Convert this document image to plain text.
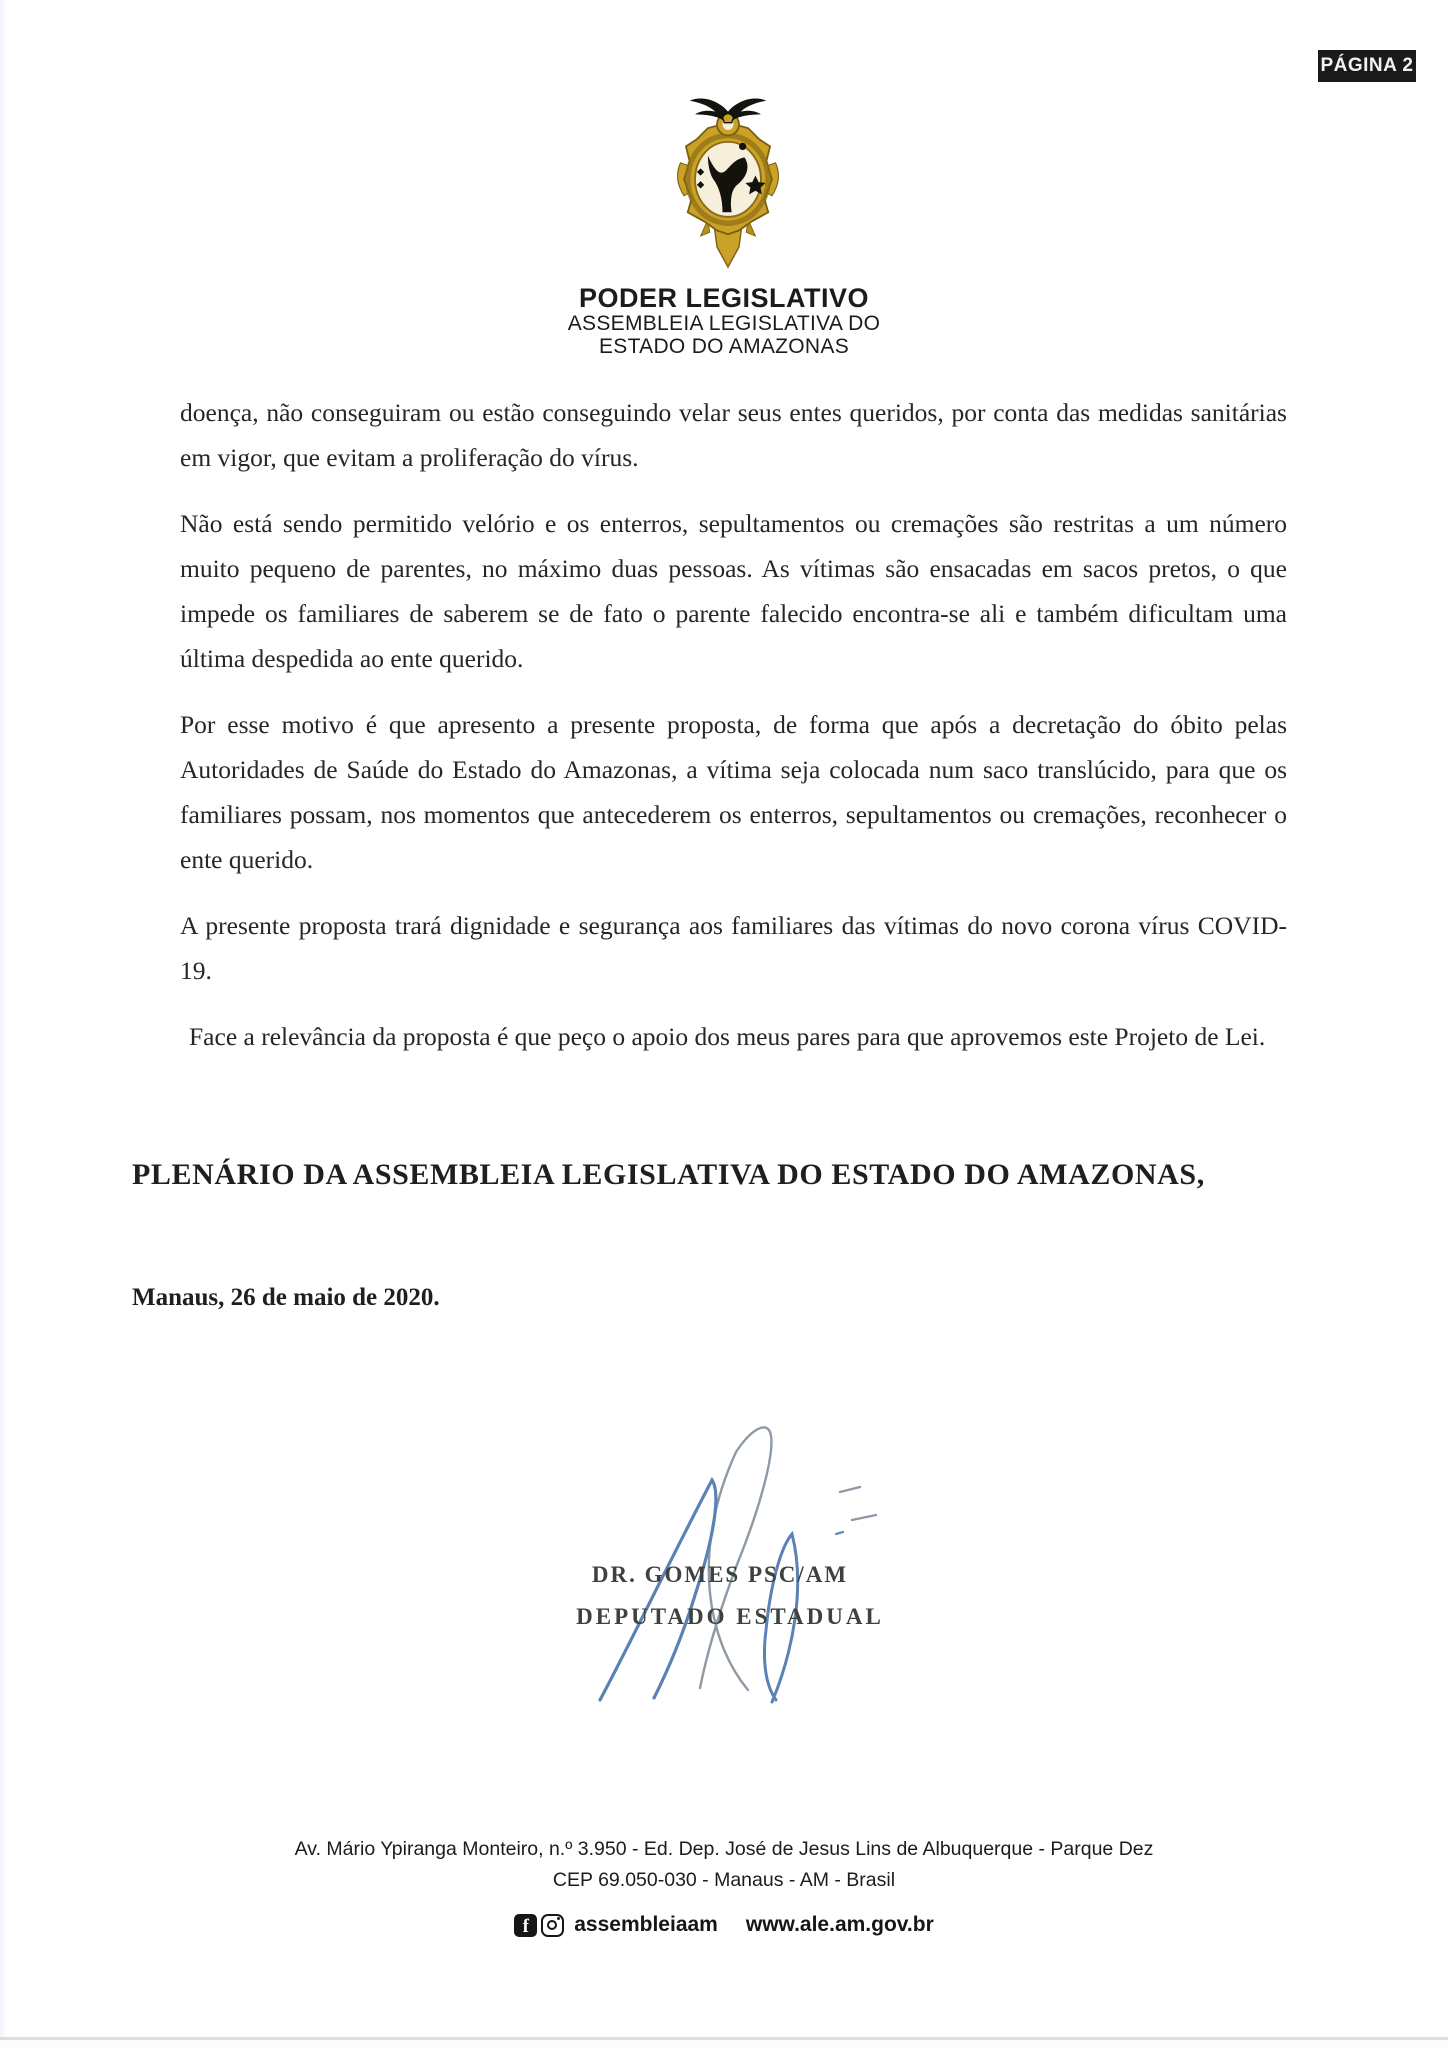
PÁGINA 2
PODER LEGISLATIVO
ASSEMBLEIA LEGISLATIVA DO
ESTADO DO AMAZONAS

doença, não conseguiram ou estão conseguindo velar seus entes queridos, por conta das medidas sanitárias em vigor, que evitam a proliferação do vírus.

Não está sendo permitido velório e os enterros, sepultamentos ou cremações são restritas a um número muito pequeno de parentes, no máximo duas pessoas. As vítimas são ensacadas em sacos pretos, o que impede os familiares de saberem se de fato o parente falecido encontra-se ali e também dificultam uma última despedida ao ente querido.

Por esse motivo é que apresento a presente proposta, de forma que após a decretação do óbito pelas Autoridades de Saúde do Estado do Amazonas, a vítima seja colocada num saco translúcido, para que os familiares possam, nos momentos que antecederem os enterros, sepultamentos ou cremações, reconhecer o ente querido.

A presente proposta trará dignidade e segurança aos familiares das vítimas do novo corona vírus COVID-19.

Face a relevância da proposta é que peço o apoio dos meus pares para que aprovemos este Projeto de Lei.

PLENÁRIO DA ASSEMBLEIA LEGISLATIVA DO ESTADO DO AMAZONAS,
Manaus, 26 de maio de 2020.
DR. GOMES PSC/AM
DEPUTADO ESTADUAL

Av. Mário Ypiranga Monteiro, n.º 3.950 - Ed. Dep. José de Jesus Lins de Albuquerque - Parque Dez

CEP 69.050-030 - Manaus - AM - Brasil

f	assembleiaam www.ale.am.gov.br
